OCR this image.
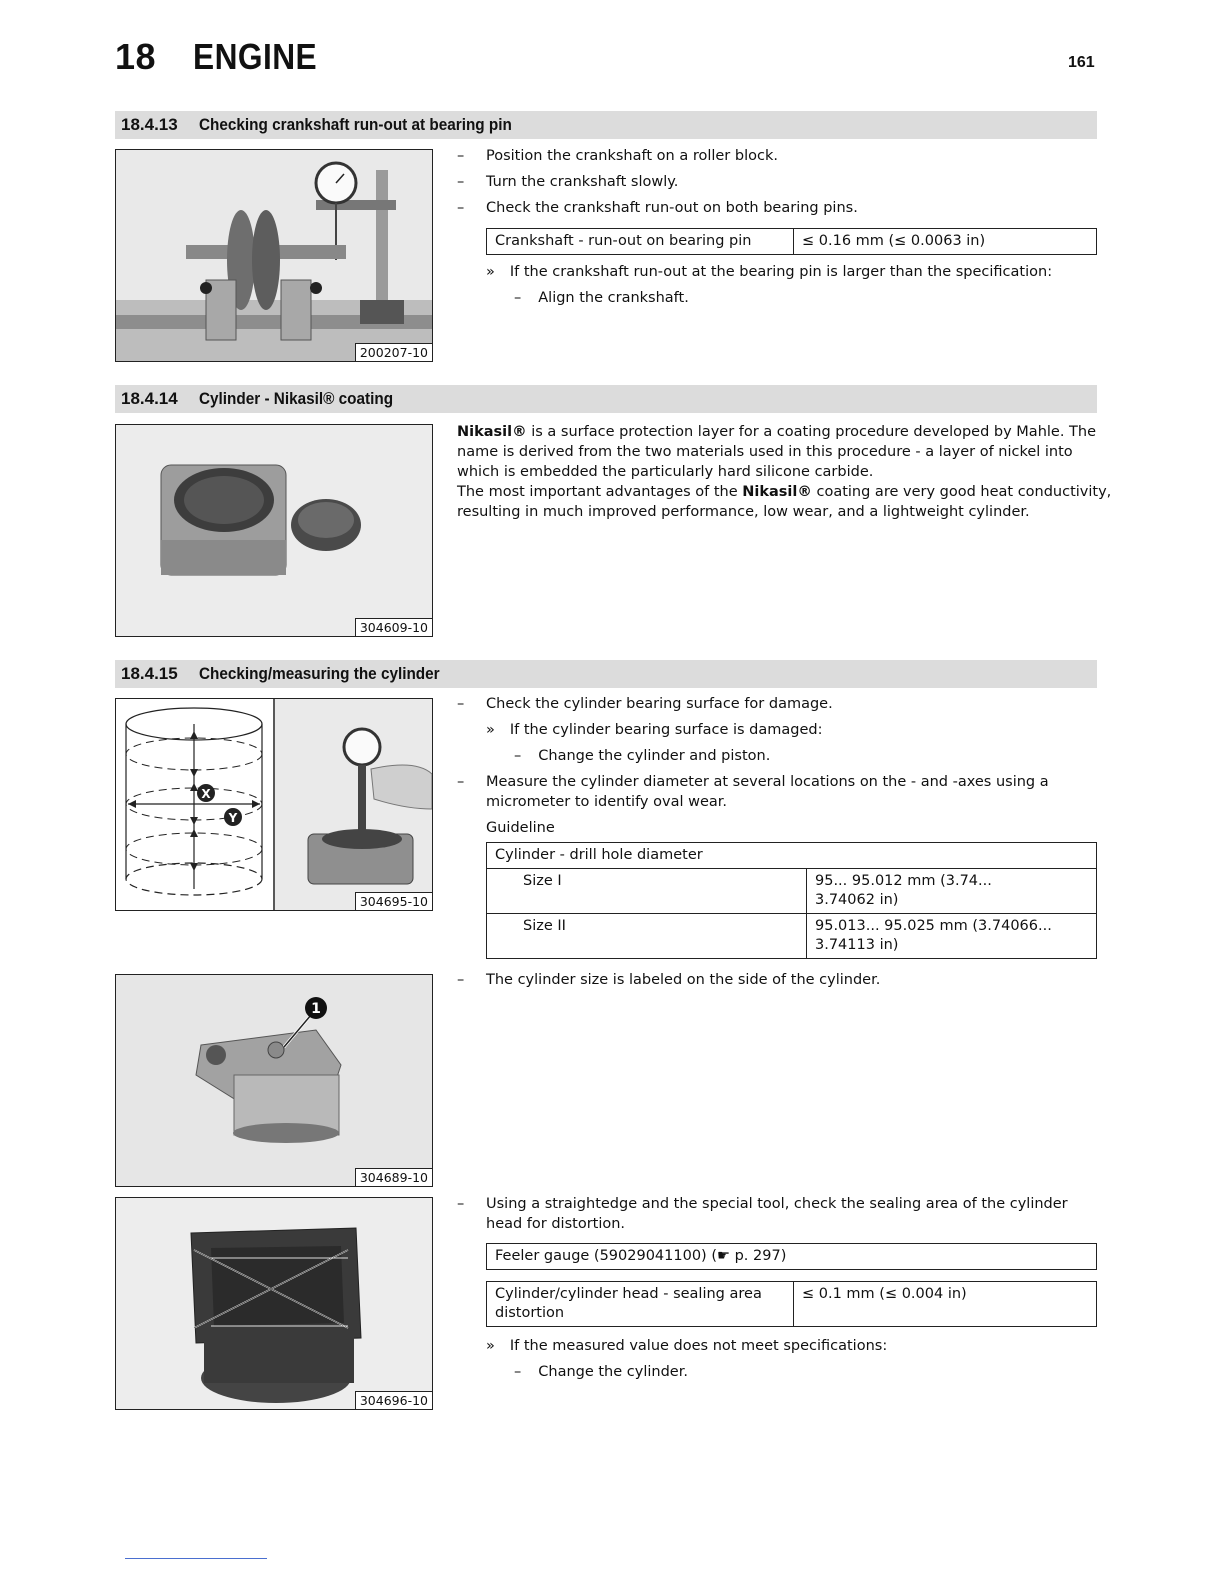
18 ENGINE	161
18.4.13 Checking crankshaft run-out at bearing pin
200207-10
– Position the crankshaft on a roller block.
– Turn the crankshaft slowly.
– Check the crankshaft run-out on both bearing pins.
Crankshaft - run-out on bearing pin	≤ 0.16 mm (≤ 0.0063 in)
» If the crankshaft run-out at the bearing pin is larger than the specification:
– Align the crankshaft.
18.4.14 Cylinder - Nikasil® coating
304609-10
Nikasil® is a surface protection layer for a coating procedure developed by Mahle. The
name is derived from the two materials used in this procedure - a layer of nickel into
which is embedded the particularly hard silicone carbide.
The most important advantages of the Nikasil® coating are very good heat conductivity,
resulting in much improved performance, low wear, and a lightweight cylinder.
18.4.15 Checking/measuring the cylinder
X
Y
304695-10
– Check the cylinder bearing surface for damage.
» If the cylinder bearing surface is damaged:
– Change the cylinder and piston.
– Measure the cylinder diameter at several locations on the - and -axes using a
micrometer to identify oval wear.
Guideline
Cylinder - drill hole diameter	
Size I	95... 95.012 mm (3.74...
3.74062 in)

Size II	95.013... 95.025 mm (3.74066...
3.74113 in)
1
304689-10
– The cylinder size is labeled on the side of the cylinder.
304696-10
– Using a straightedge and the special tool, check the sealing area of the cylinder
head for distortion.
Feeler gauge (59029041100) (☛ p. 297)
Cylinder/cylinder head - sealing area
distortion
	≤ 0.1 mm (≤ 0.004 in)
» If the measured value does not meet specifications:
– Change the cylinder.
